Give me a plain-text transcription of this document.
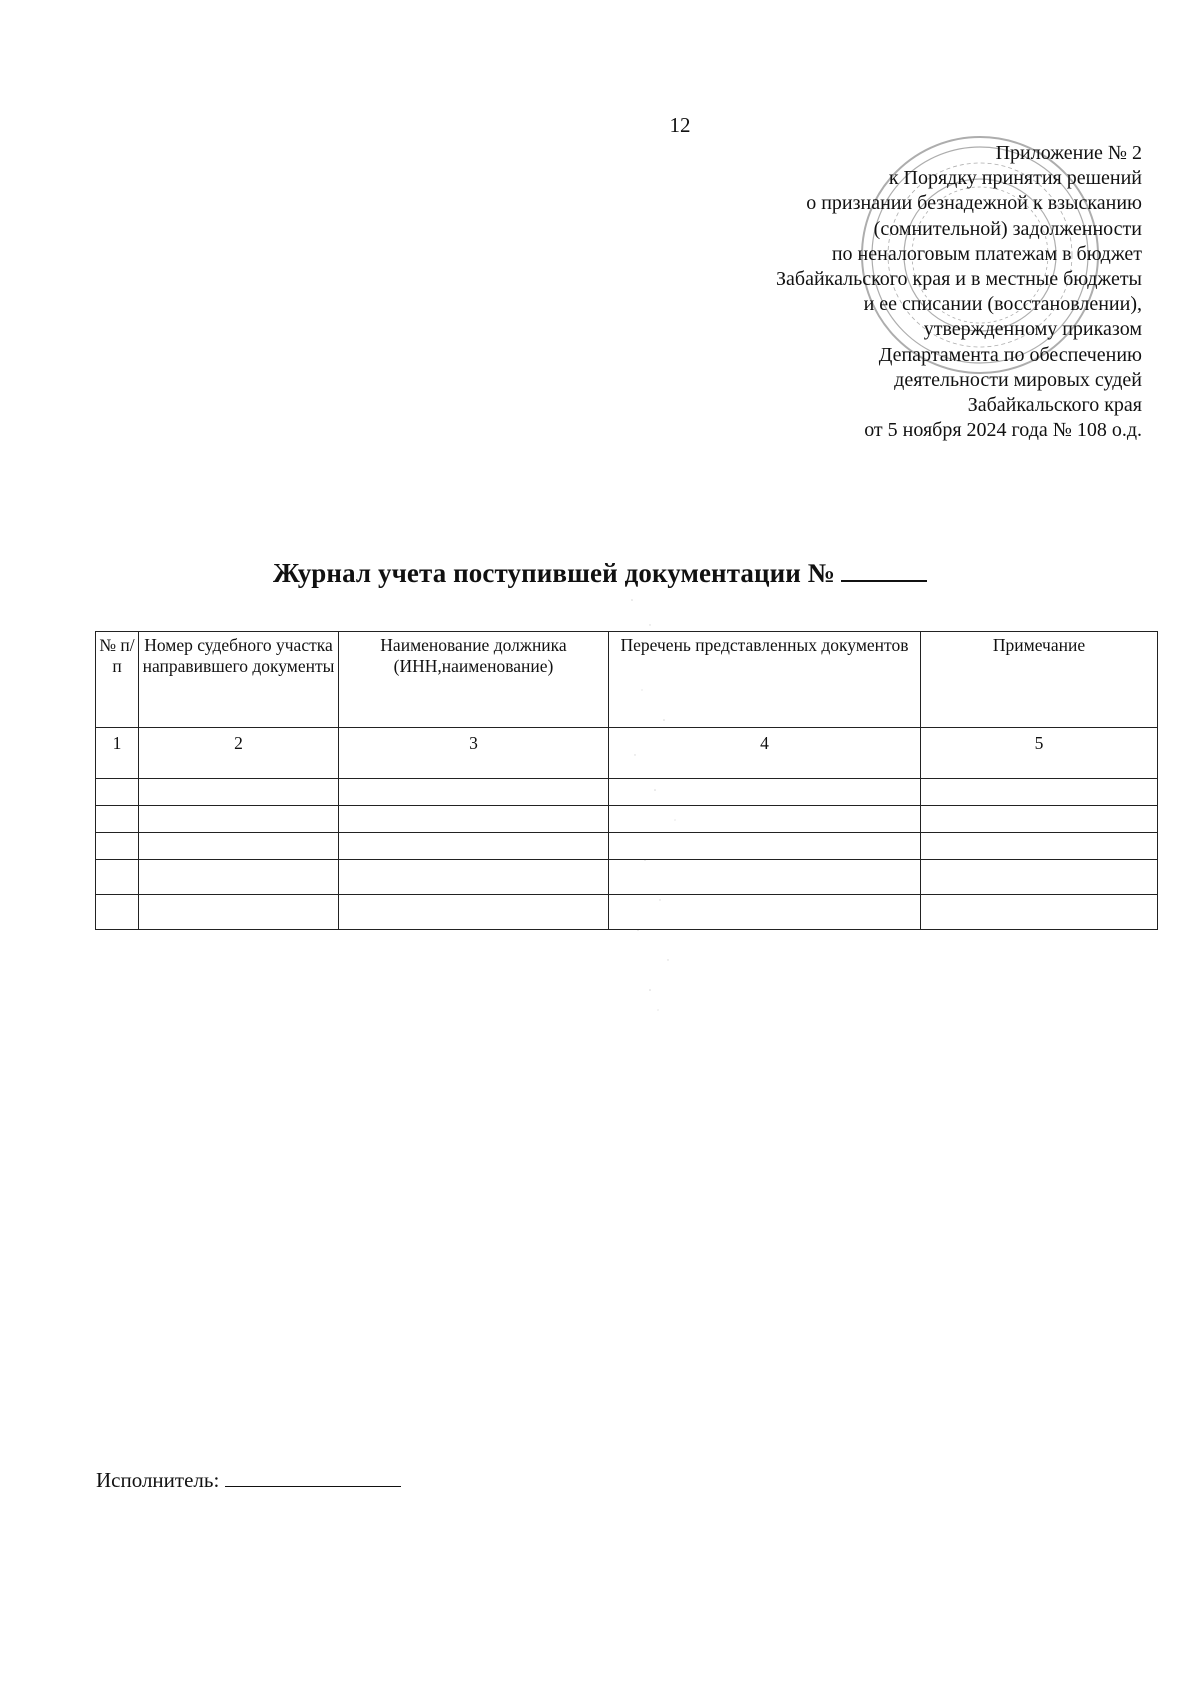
12
Приложение № 2
к Порядку принятия решений
о признании безнадежной к взысканию
(сомнительной) задолженности
по неналоговым платежам в бюджет
Забайкальского края и в местные бюджеты
и ее списании (восстановлении),
утвержденному приказом
Департамента по обеспечению
деятельности мировых судей
Забайкальского края
от 5 ноября 2024 года № 108 о.д.
Журнал учета поступившей документации №
№ п/п	Номер судебного участка направившего документы	Наименование должника (ИНН,наименование)	Перечень представленных документов	Примечание
1	2	3	4	5

Исполнитель:
